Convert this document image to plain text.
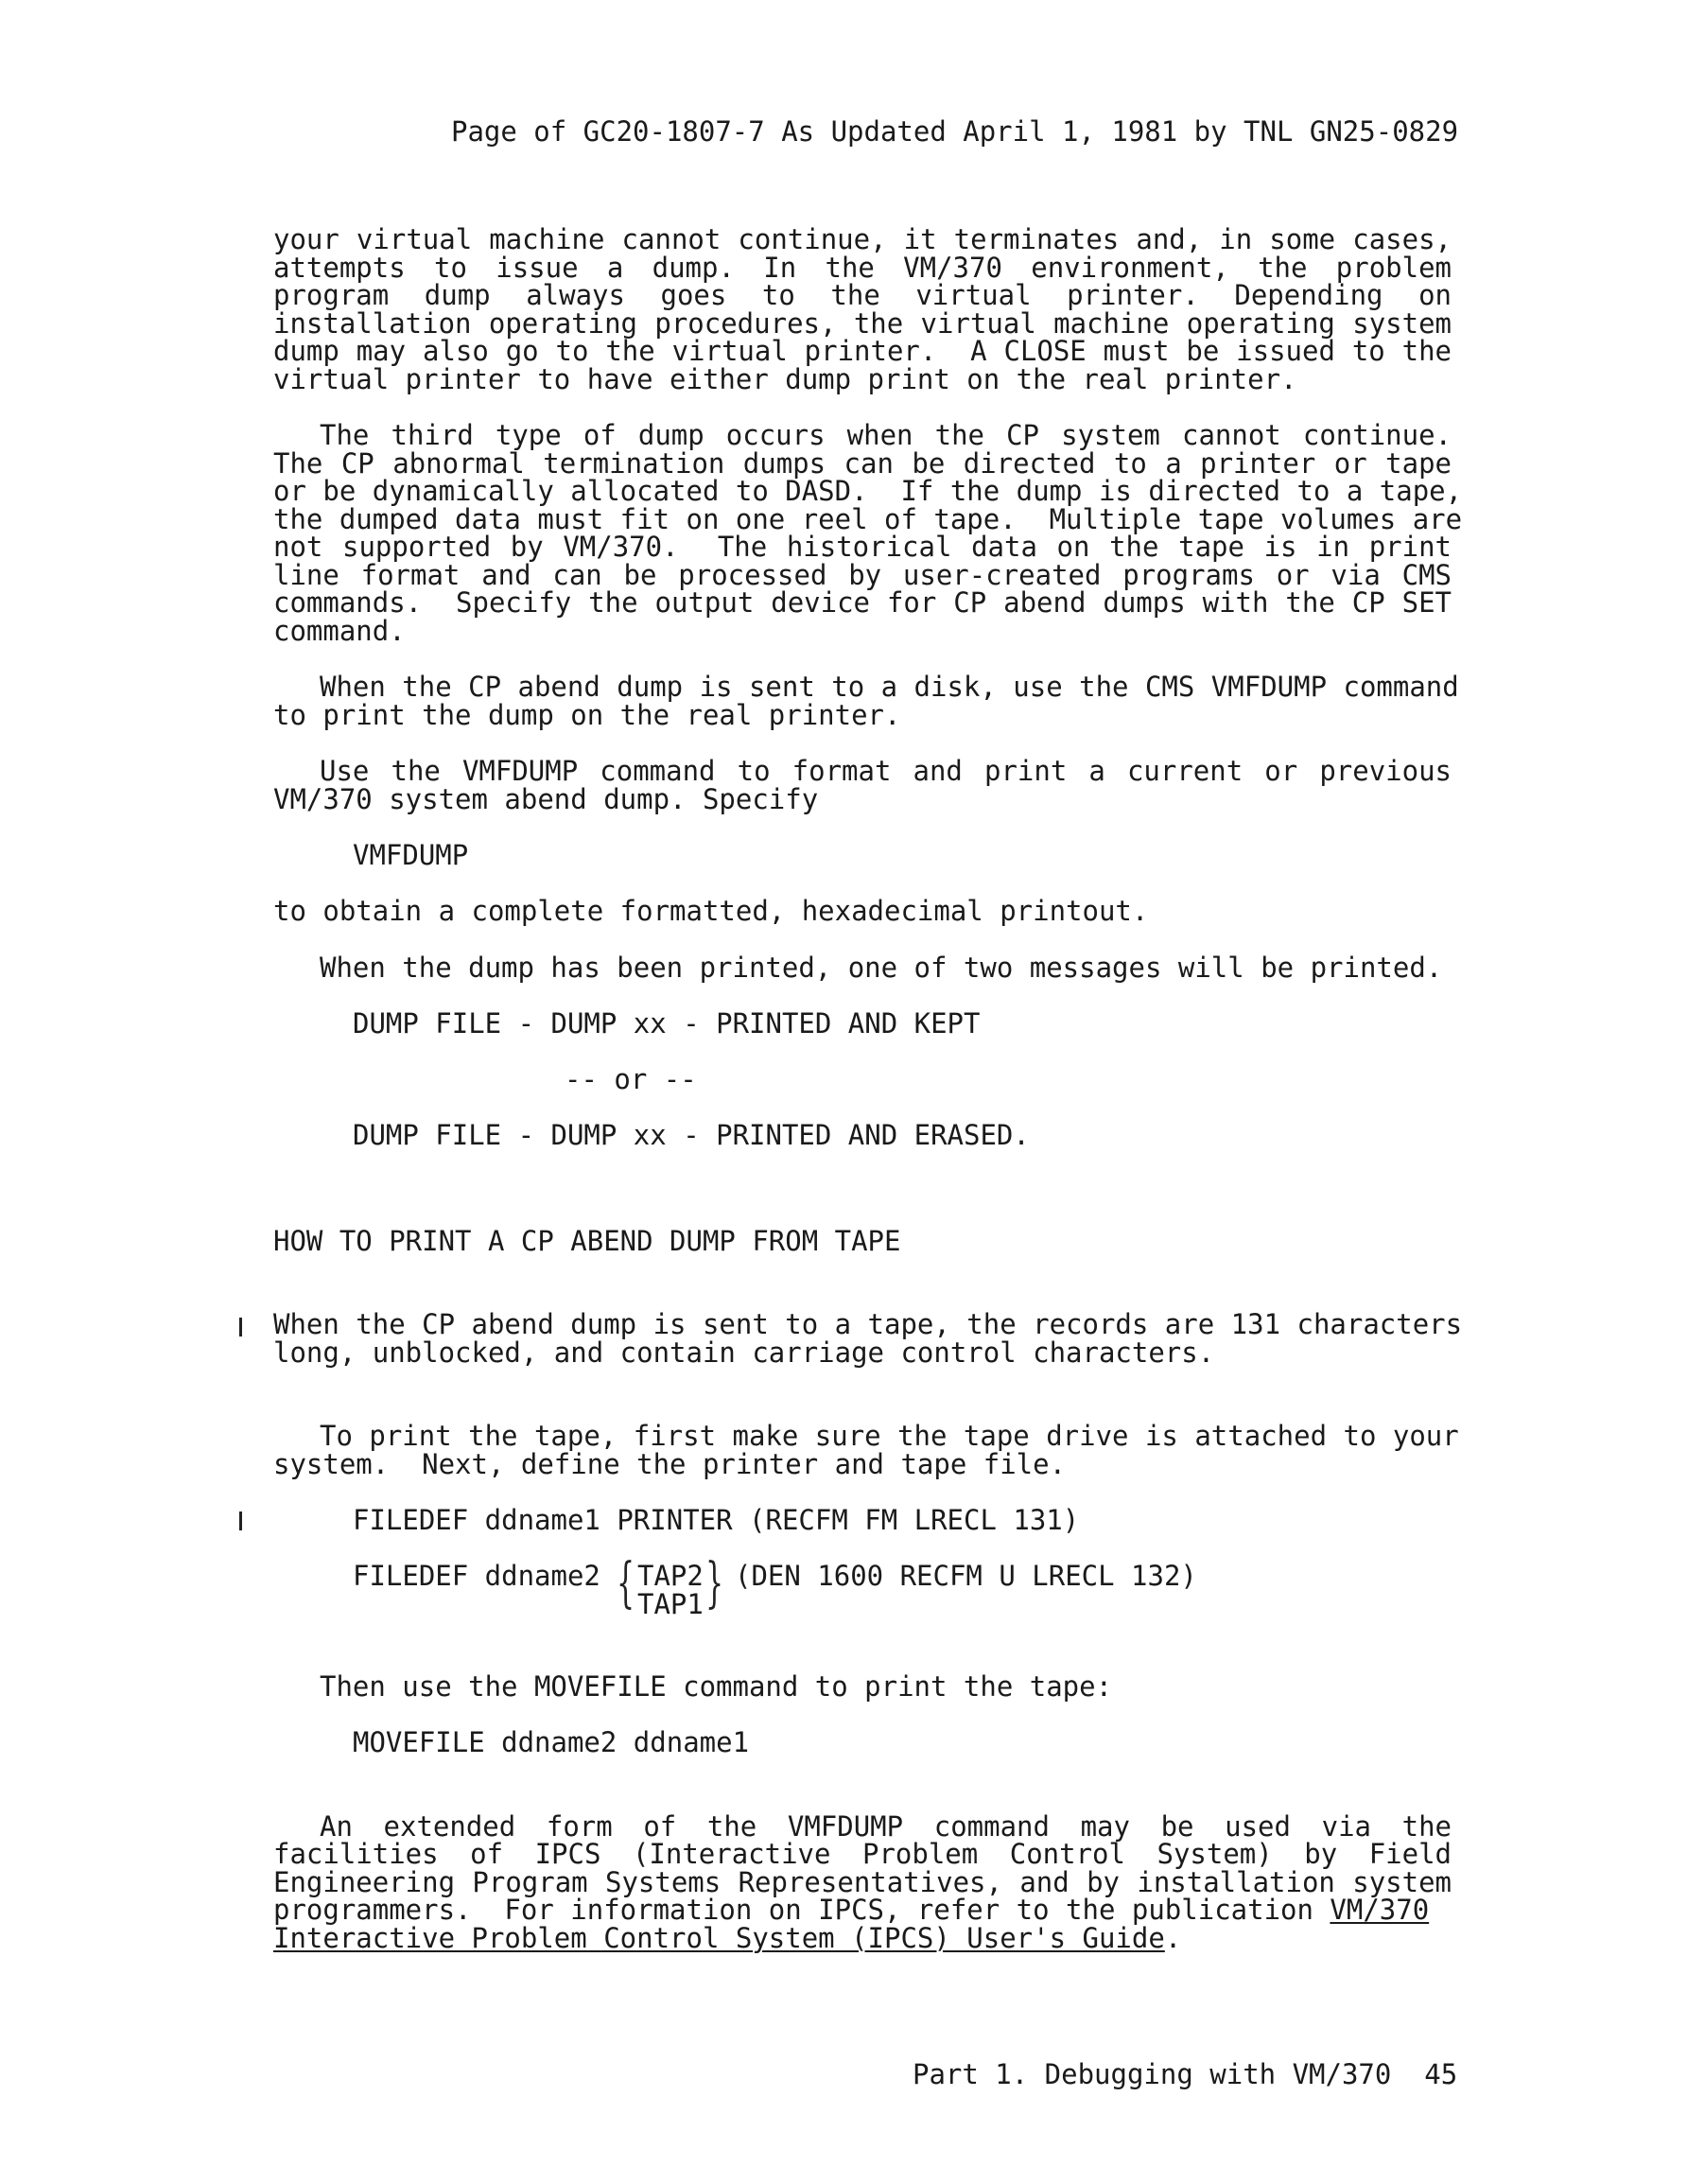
Page of GC20-1807-7 As Updated April 1, 1981 by TNL GN25-0829
your virtual machine cannot continue, it terminates and, in some cases,
attempts to issue a dump. In the VM/370 environment, the problem
program dump always goes to the virtual printer. Depending on
installation operating procedures, the virtual machine operating system
dump may also go to the virtual printer.  A CLOSE must be issued to the
virtual printer to have either dump print on the real printer.
The third type of dump occurs when the CP system cannot continue.
The CP abnormal termination dumps can be directed to a printer or tape
or be dynamically allocated to DASD.  If the dump is directed to a tape,
the dumped data must fit on one reel of tape.  Multiple tape volumes are
not supported by VM/370.  The historical data on the tape is in print
line format and can be processed by user-created programs or via CMS
commands.  Specify the output device for CP abend dumps with the CP SET
command.
When the CP abend dump is sent to a disk, use the CMS VMFDUMP command
to print the dump on the real printer.
Use the VMFDUMP command to format and print a current or previous
VM/370 system abend dump. Specify
VMFDUMP
to obtain a complete formatted, hexadecimal printout.
When the dump has been printed, one of two messages will be printed.
DUMP FILE - DUMP xx - PRINTED AND KEPT
-- or --
DUMP FILE - DUMP xx - PRINTED AND ERASED.
HOW TO PRINT A CP ABEND DUMP FROM TAPE
When the CP abend dump is sent to a tape, the records are 131 characters
long, unblocked, and contain carriage control characters.
To print the tape, first make sure the tape drive is attached to your
system.  Next, define the printer and tape file.
FILEDEF ddname1 PRINTER (RECFM FM LRECL 131)
FILEDEF ddname2 { TAP2
TAP1 } (DEN 1600 RECFM U LRECL 132)
Then use the MOVEFILE command to print the tape:
MOVEFILE ddname2 ddname1
An extended form of the VMFDUMP command may be used via the
facilities of IPCS (Interactive Problem Control System) by Field
Engineering Program Systems Representatives, and by installation system
programmers.  For information on IPCS, refer to the publication VM/370
Interactive Problem Control System (IPCS) User's Guide.
Part 1. Debugging with VM/370  45
